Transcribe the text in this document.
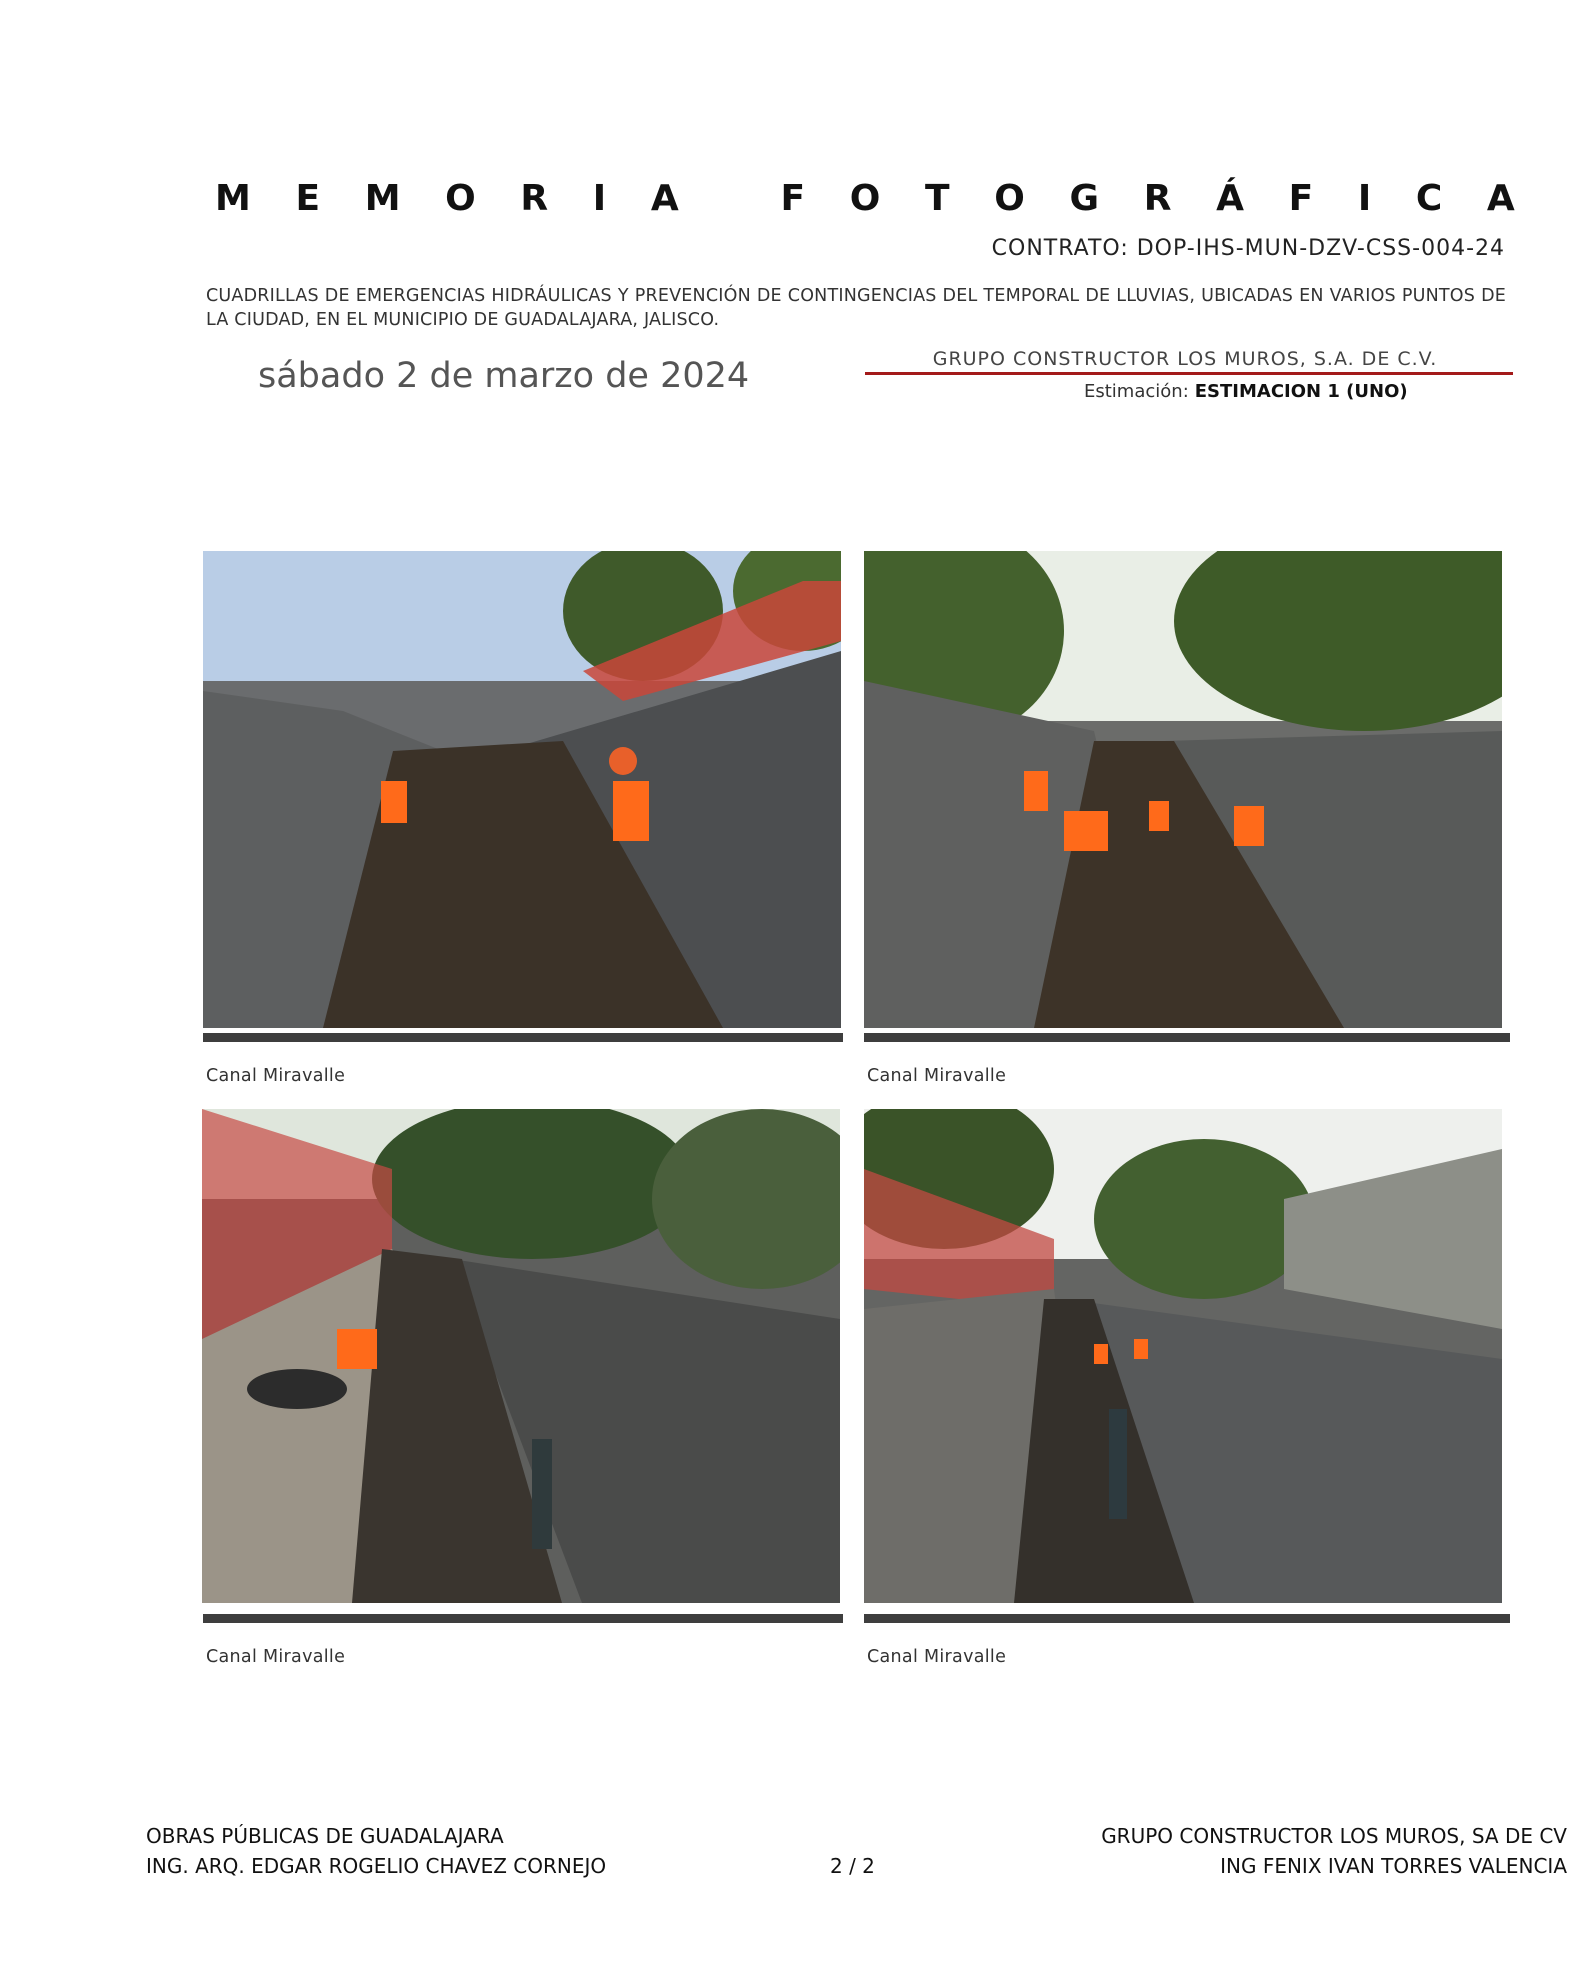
M E M O R I A
	F O T O G R Á F I C A
CONTRATO: DOP-IHS-MUN-DZV-CSS-004-24
CUADRILLAS DE EMERGENCIAS HIDRÁULICAS Y PREVENCIÓN DE CONTINGENCIAS DEL TEMPORAL DE LLUVIAS, UBICADAS EN VARIOS PUNTOS DE LA CIUDAD, EN EL MUNICIPIO DE GUADALAJARA, JALISCO.
sábado 2 de marzo de 2024	GRUPO CONSTRUCTOR LOS MUROS, S.A. DE C.V.
Estimación: ESTIMACION 1 (UNO)
Canal Miravalle	Canal Miravalle
Canal Miravalle	Canal Miravalle
OBRAS PÚBLICAS DE GUADALAJARA
ING. ARQ. EDGAR ROGELIO CHAVEZ CORNEJO	2 / 2
GRUPO CONSTRUCTOR LOS MUROS, SA DE CV
ING FENIX IVAN TORRES VALENCIA
